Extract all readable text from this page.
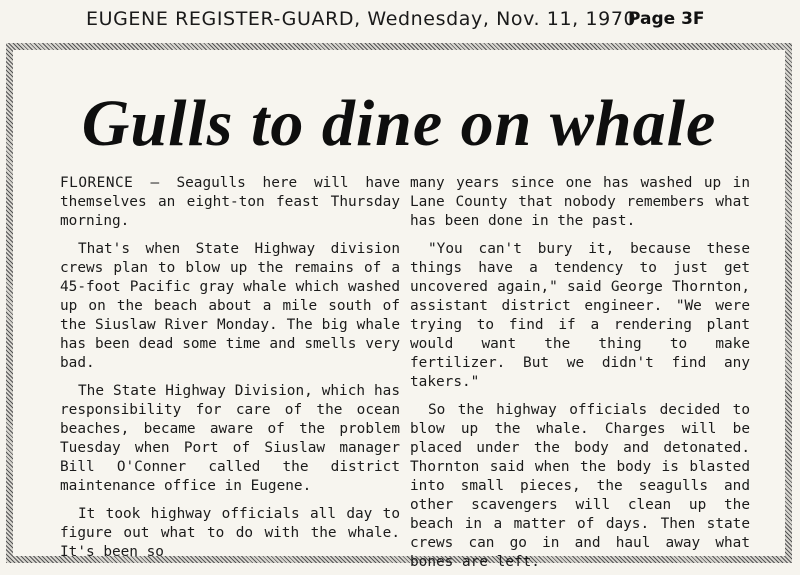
EUGENE REGISTER-GUARD, Wednesday, Nov. 11, 1970
Page 3F
Gulls to dine on whale

FLORENCE — Seagulls here will have themselves an eight-ton feast Thursday morning.

That's when State Highway division crews plan to blow up the remains of a 45-foot Pacific gray whale which washed up on the beach about a mile south of the Siuslaw River Monday. The big whale has been dead some time and smells very bad.

The State Highway Division, which has responsibility for care of the ocean beaches, became aware of the problem Tuesday when Port of Siuslaw manager Bill O'Conner called the district maintenance office in Eugene.

It took highway officials all day to figure out what to do with the whale. It's been so

many years since one has washed up in Lane County that nobody remembers what has been done in the past.

"You can't bury it, because these things have a tendency to just get uncovered again," said George Thornton, assistant district engineer. "We were trying to find if a rendering plant would want the thing to make fertilizer. But we didn't find any takers."

So the highway officials decided to blow up the whale. Charges will be placed under the body and detonated. Thornton said when the body is blasted into small pieces, the seagulls and other scavengers will clean up the beach in a matter of days. Then state crews can go in and haul away what bones are left.
